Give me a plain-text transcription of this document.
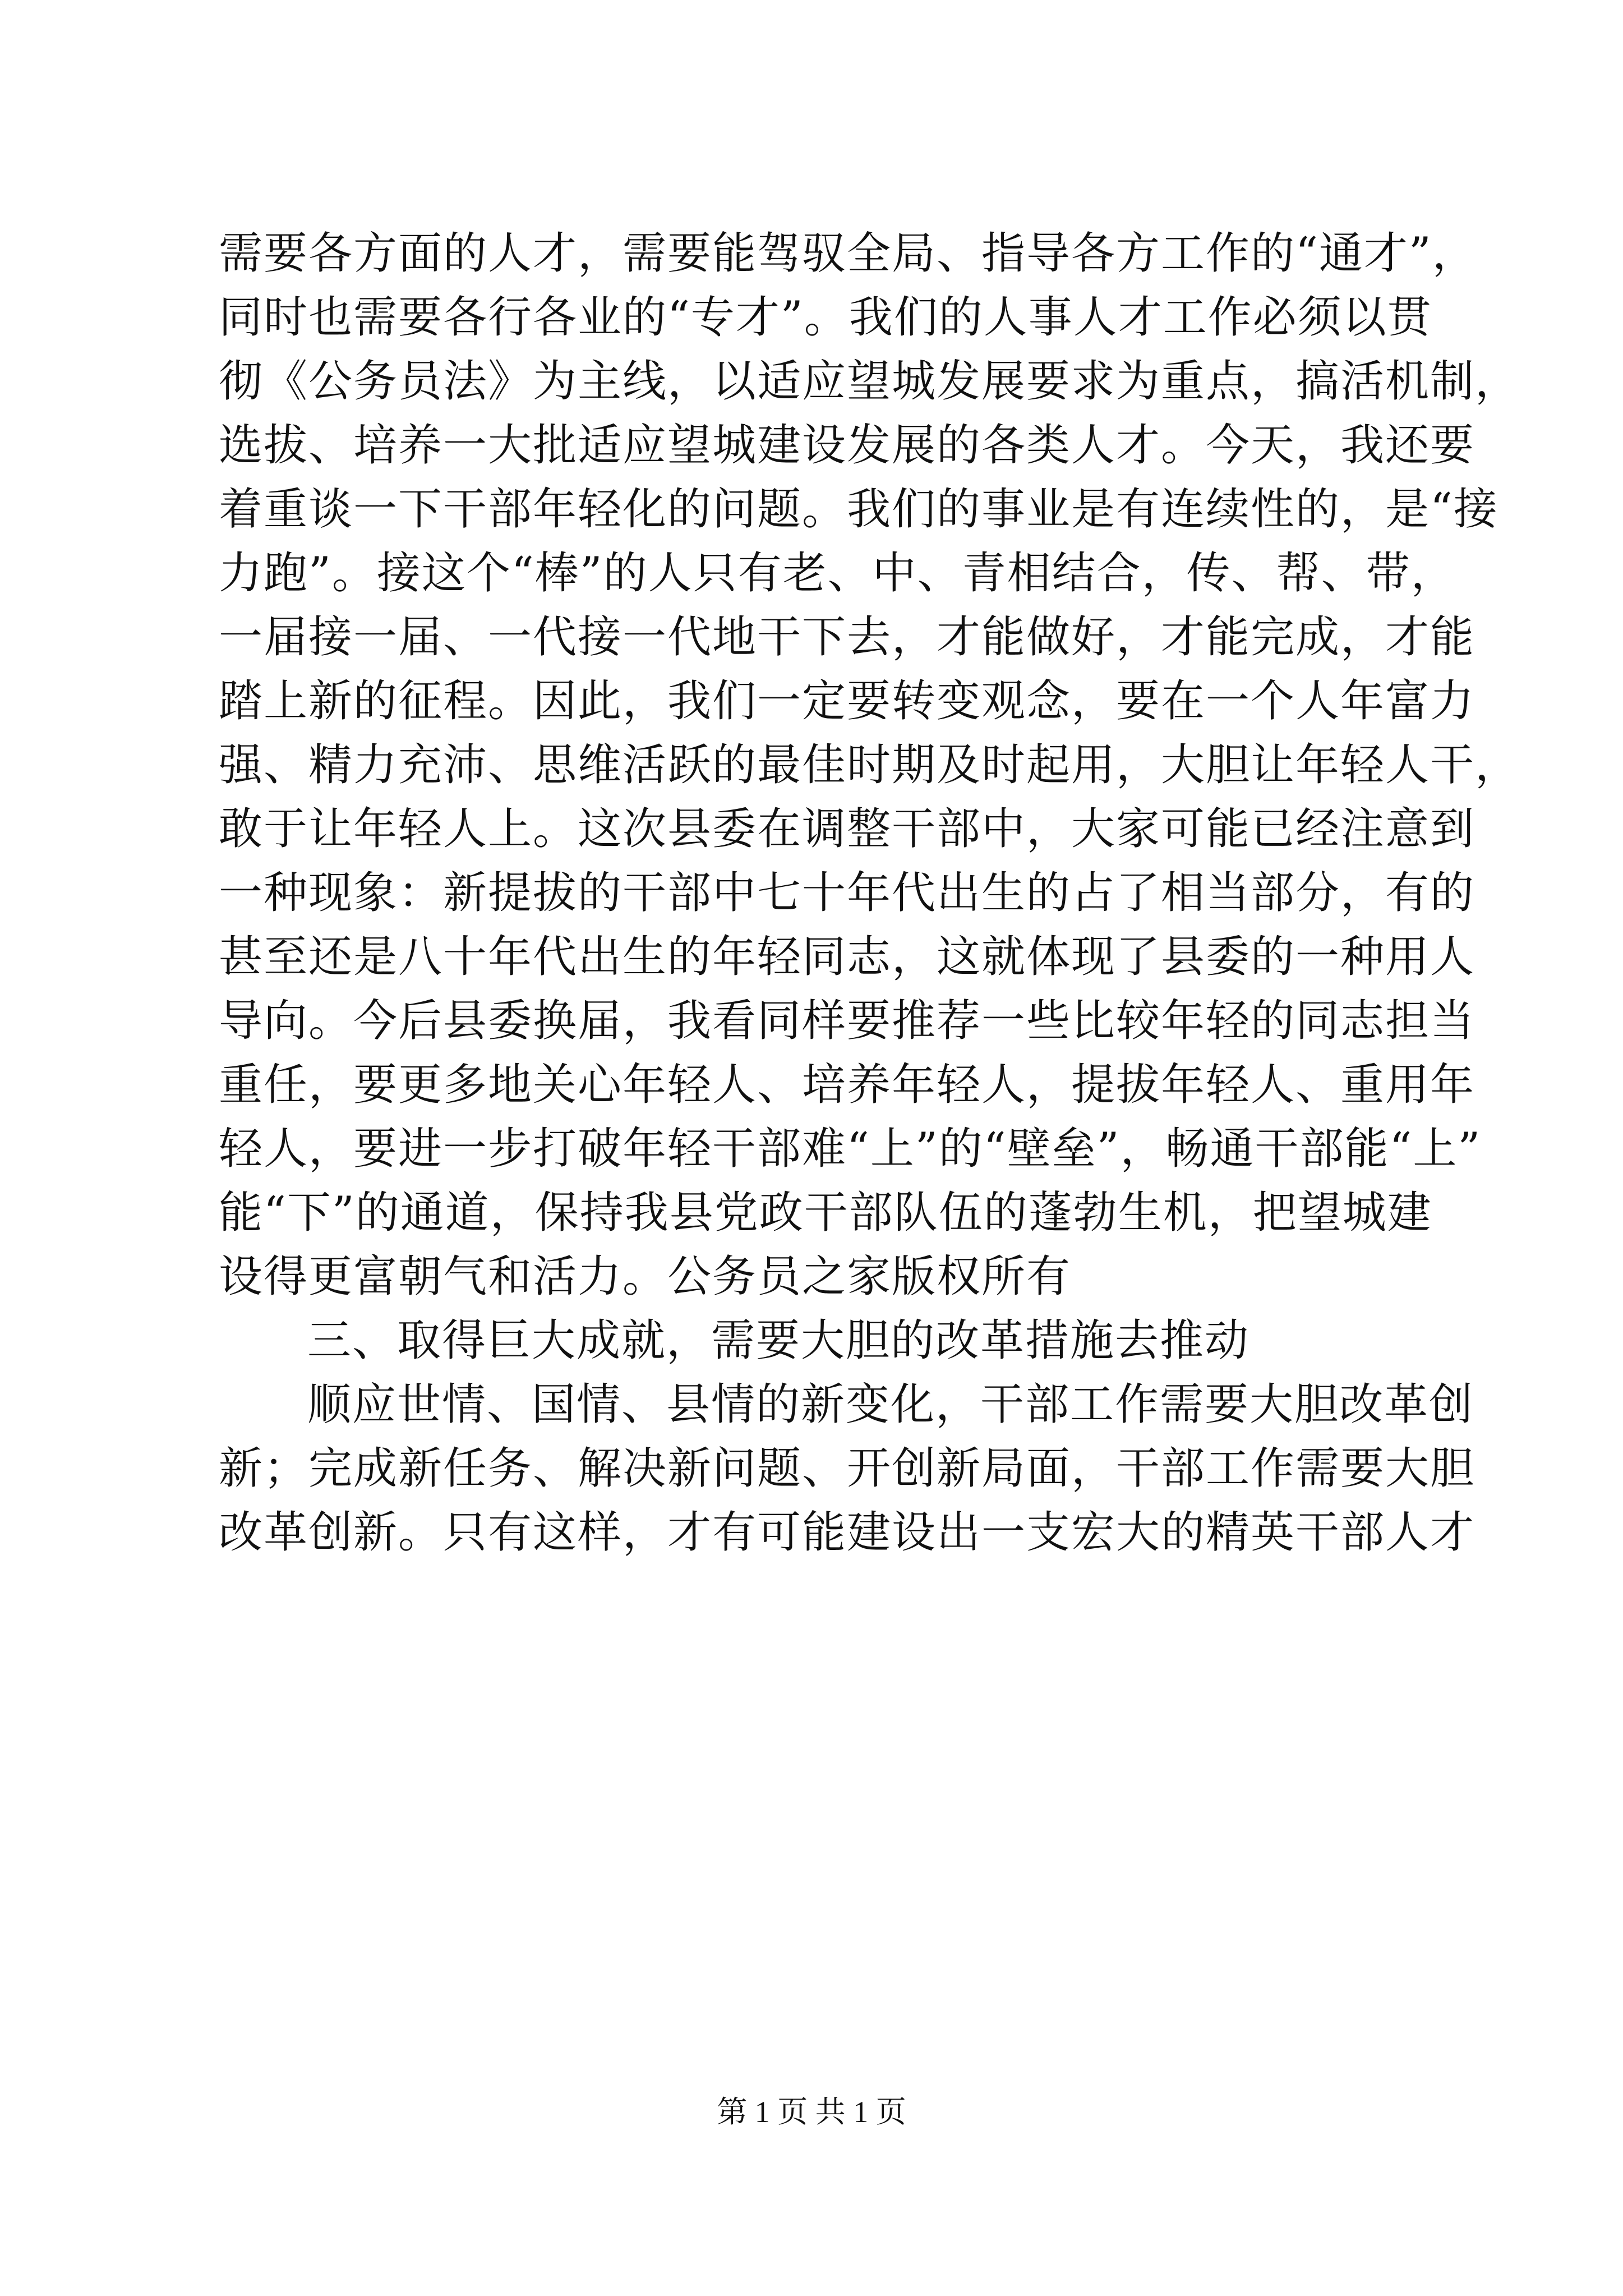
需要各方面的人才，需要能驾驭全局、指导各方工作的“通才”，
同时也需要各行各业的“专才”。我们的人事人才工作必须以贯
彻《公务员法》为主线，以适应望城发展要求为重点，搞活机制，
选拔、培养一大批适应望城建设发展的各类人才。今天，我还要
着重谈一下干部年轻化的问题。我们的事业是有连续性的，是“接
力跑”。接这个“棒”的人只有老、中、青相结合，传、帮、带，
一届接一届、一代接一代地干下去，才能做好，才能完成，才能
踏上新的征程。因此，我们一定要转变观念，要在一个人年富力
强、精力充沛、思维活跃的最佳时期及时起用，大胆让年轻人干，
敢于让年轻人上。这次县委在调整干部中，大家可能已经注意到
一种现象：新提拔的干部中七十年代出生的占了相当部分，有的
甚至还是八十年代出生的年轻同志，这就体现了县委的一种用人
导向。今后县委换届，我看同样要推荐一些比较年轻的同志担当
重任，要更多地关心年轻人、培养年轻人，提拔年轻人、重用年
轻人，要进一步打破年轻干部难“上”的“壁垒”，畅通干部能“上”
能“下”的通道，保持我县党政干部队伍的蓬勃生机，把望城建
设得更富朝气和活力。公务员之家版权所有
三、取得巨大成就，需要大胆的改革措施去推动
顺应世情、国情、县情的新变化，干部工作需要大胆改革创
新；完成新任务、解决新问题、开创新局面，干部工作需要大胆
改革创新。只有这样，才有可能建设出一支宏大的精英干部人才
第 1 页 共 1 页
